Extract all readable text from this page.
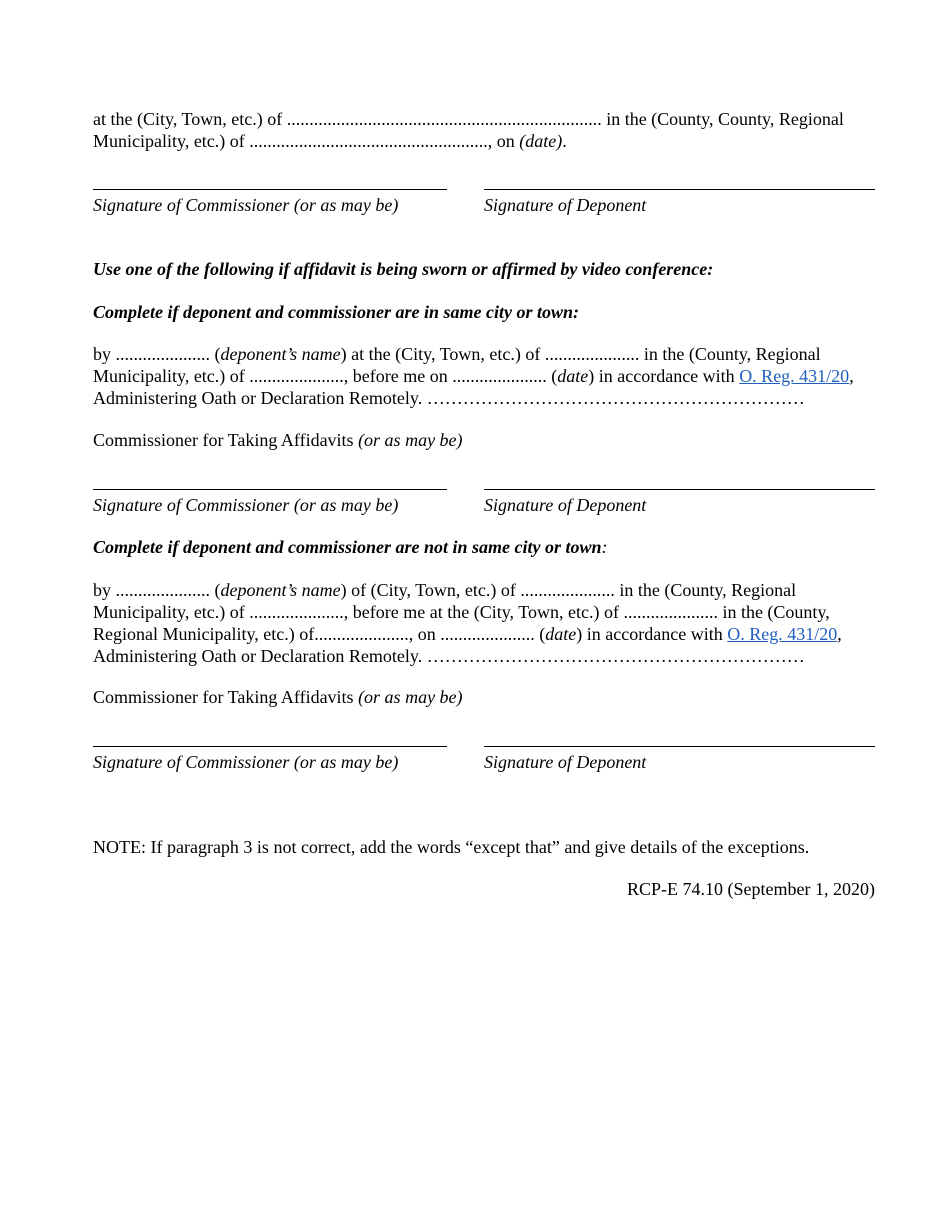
at the (City, Town, etc.) of ...................................................................... in the (County, County, Regional
Municipality, etc.) of ....................................................., on (date).

Signature of Commissioner (or as may be)	Signature of Deponent

Use one of the following if affidavit is being sworn or affirmed by video conference:

Complete if deponent and commissioner are in same city or town:

by ..................... (deponent’s name) at the (City, Town, etc.) of ..................... in the (County, Regional
Municipality, etc.) of ....................., before me on ..................... (date) in accordance with O. Reg. 431/20,
Administering Oath or Declaration Remotely. ………………………………………………………

Commissioner for Taking Affidavits (or as may be)

Signature of Commissioner (or as may be)	Signature of Deponent

Complete if deponent and commissioner are not in same city or town:

by ..................... (deponent’s name) of (City, Town, etc.) of ..................... in the (County, Regional
Municipality, etc.) of ....................., before me at the (City, Town, etc.) of ..................... in the (County,
Regional Municipality, etc.) of....................., on ..................... (date) in accordance with O. Reg. 431/20,
Administering Oath or Declaration Remotely. ………………………………………………………

Commissioner for Taking Affidavits (or as may be)

Signature of Commissioner (or as may be)	Signature of Deponent

NOTE: If paragraph 3 is not correct, add the words “except that” and give details of the exceptions.

RCP-E 74.10 (September 1, 2020)
